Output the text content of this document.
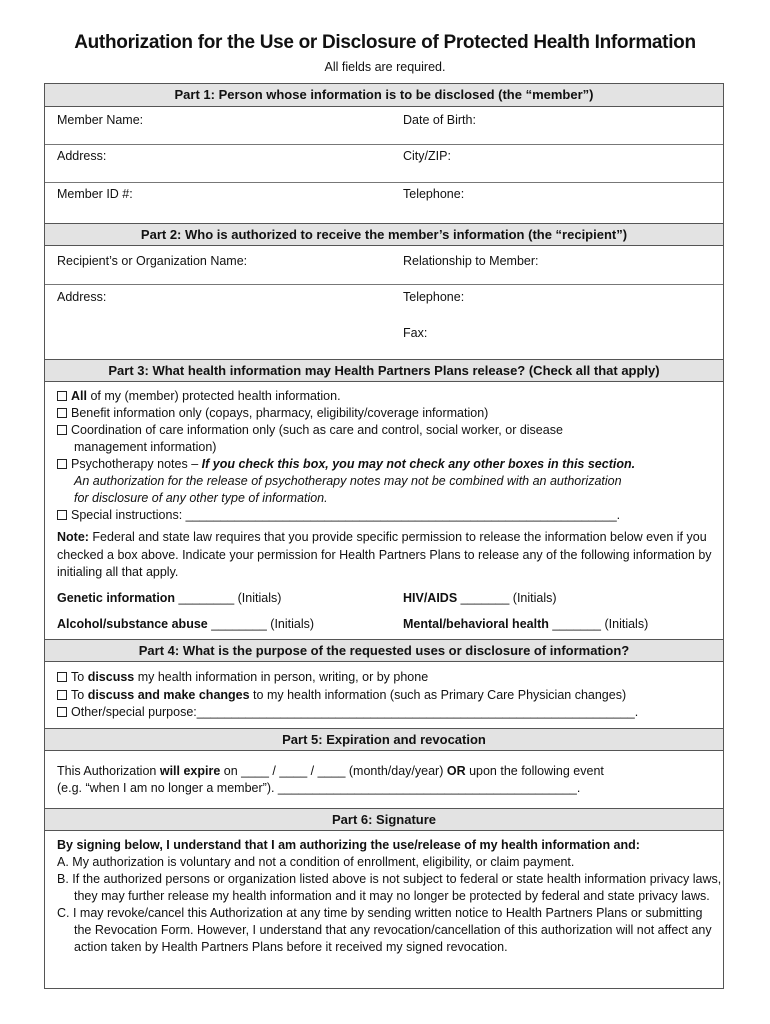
Authorization for the Use or Disclosure of Protected Health Information
All fields are required.
Part 1: Person whose information is to be disclosed (the “member”)
Member Name:	Date of Birth:
Address:	City/ZIP:
Member ID #:	Telephone:
Part 2: Who is authorized to receive the member’s information (the “recipient”)
Recipient’s or Organization Name:	Relationship to Member:
Address:	Telephone:
Fax:
Part 3: What health information may Health Partners Plans release? (Check all that apply)
All of my (member) protected health information.
Benefit information only (copays, pharmacy, eligibility/coverage information)
Coordination of care information only (such as care and control, social worker, or disease
management information)
Psychotherapy notes – If you check this box, you may not check any other boxes in this section.
An authorization for the release of psychotherapy notes may not be combined with an authorization
for disclosure of any other type of information.
Special instructions: ______________________________________________________________.
Note: Federal and state law requires that you provide specific permission to release the information below even if you checked a box above. Indicate your permission for Health Partners Plans to release any of the following information by initialing all that apply.
Genetic information ________ (Initials)	HIV/AIDS _______ (Initials)
Alcohol/substance abuse ________ (Initials)	Mental/behavioral health _______ (Initials)
Part 4: What is the purpose of the requested uses or disclosure of information?
To discuss my health information in person, writing, or by phone
To discuss and make changes to my health information (such as Primary Care Physician changes)
Other/special purpose:_______________________________________________________________.
Part 5: Expiration and revocation
This Authorization will expire on ____ / ____ / ____ (month/day/year) OR upon the following event
(e.g. “when I am no longer a member”). ___________________________________________.
Part 6: Signature
By signing below, I understand that I am authorizing the use/release of my health information and:
A. My authorization is voluntary and not a condition of enrollment, eligibility, or claim payment.
B. If the authorized persons or organization listed above is not subject to federal or state health information privacy laws, they may further release my health information and it may no longer be protected by federal and state privacy laws.
C. I may revoke/cancel this Authorization at any time by sending written notice to Health Partners Plans or submitting the Revocation Form. However, I understand that any revocation/cancellation of this authorization will not affect any action taken by Health Partners Plans before it received my signed revocation.
